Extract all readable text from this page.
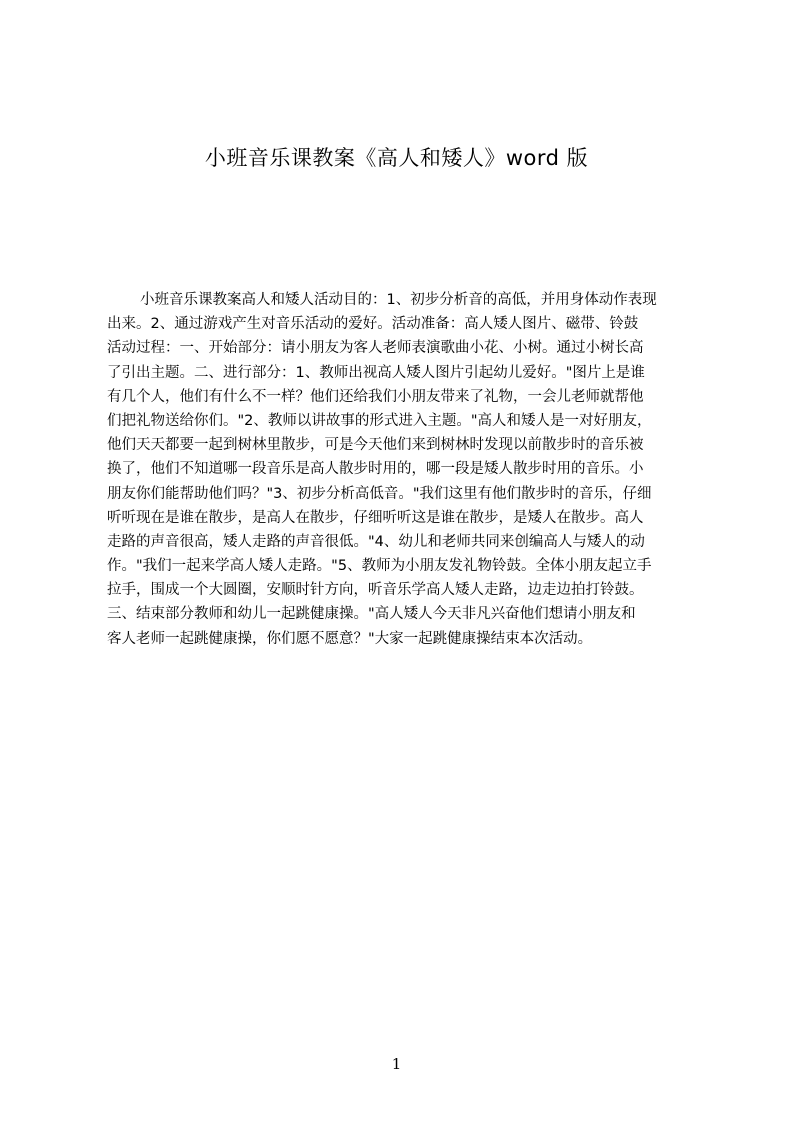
小班音乐课教案《高人和矮人》word 版
小班音乐课教案高人和矮人活动目的：1、初步分析音的高低，并用身体动作表现
出来。2、通过游戏产生对音乐活动的爱好。活动准备：高人矮人图片、磁带、铃鼓
活动过程：一、开始部分：请小朋友为客人老师表演歌曲小花、小树。通过小树长高
了引出主题。二、进行部分：1、教师出视高人矮人图片引起幼儿爱好。"图片上是谁
有几个人，他们有什么不一样？他们还给我们小朋友带来了礼物，一会儿老师就帮他
们把礼物送给你们。"2、教师以讲故事的形式进入主题。"高人和矮人是一对好朋友，
他们天天都要一起到树林里散步，可是今天他们来到树林时发现以前散步时的音乐被
换了，他们不知道哪一段音乐是高人散步时用的，哪一段是矮人散步时用的音乐。小
朋友你们能帮助他们吗？"3、初步分析高低音。"我们这里有他们散步时的音乐，仔细
听听现在是谁在散步，是高人在散步，仔细听听这是谁在散步，是矮人在散步。高人
走路的声音很高，矮人走路的声音很低。"4、幼儿和老师共同来创编高人与矮人的动
作。"我们一起来学高人矮人走路。"5、教师为小朋友发礼物铃鼓。全体小朋友起立手
拉手，围成一个大圆圈，安顺时针方向，听音乐学高人矮人走路，边走边拍打铃鼓。
三、结束部分教师和幼儿一起跳健康操。"高人矮人今天非凡兴奋他们想请小朋友和
客人老师一起跳健康操，你们愿不愿意？"大家一起跳健康操结束本次活动。
1
